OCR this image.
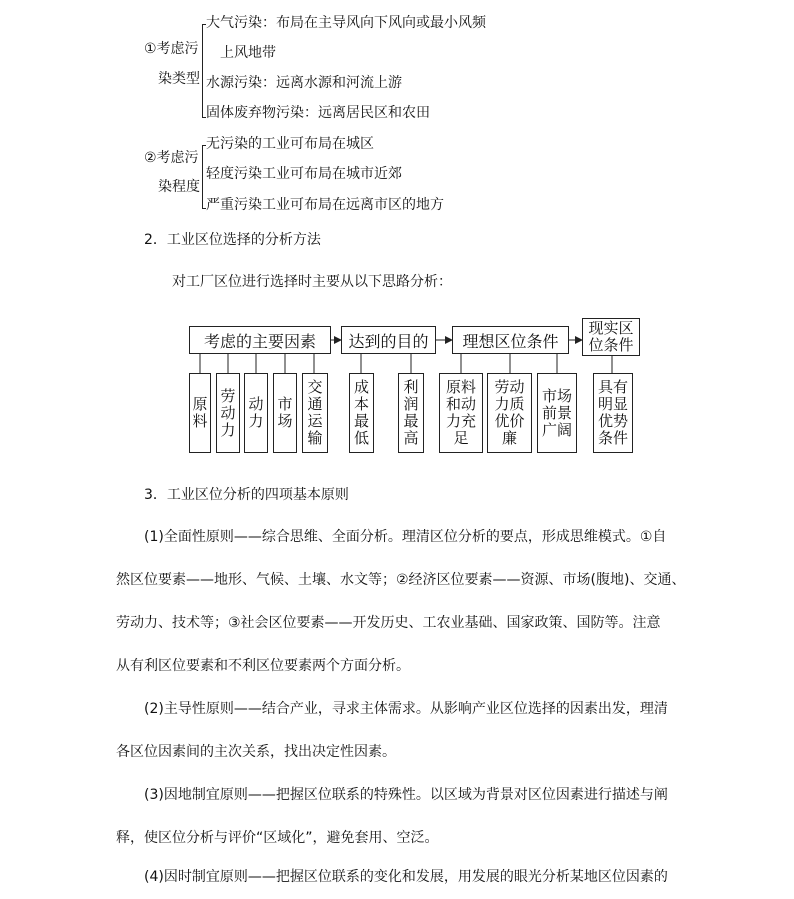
①考虑污
染类型
大气污染：布局在主导风向下风向或最小风频
上风地带
水源污染：远离水源和河流上游
固体废弃物污染：远离居民区和农田
②考虑污
染程度
无污染的工业可布局在城区
轻度污染工业可布局在城市近郊
严重污染工业可布局在远离市区的地方
2．工业区位选择的分析方法
对工厂区位进行选择时主要从以下思路分析：
考虑的主要因素	达到的目的	理想区位条件
现实区位条件
原料
劳动力
动力
市场
交通运输
成本最低
利润最高
原料和动力充足
劳动力质优价廉
市场前景广阔
具有明显优势条件
3．工业区位分析的四项基本原则
(1)全面性原则——综合思维、全面分析。理清区位分析的要点，形成思维模式。①自
然区位要素——地形、气候、土壤、水文等；②经济区位要素——资源、市场(腹地)、交通、
劳动力、技术等；③社会区位要素——开发历史、工农业基础、国家政策、国防等。注意
从有利区位要素和不利区位要素两个方面分析。
(2)主导性原则——结合产业，寻求主体需求。从影响产业区位选择的因素出发，理清
各区位因素间的主次关系，找出决定性因素。
(3)因地制宜原则——把握区位联系的特殊性。以区域为背景对区位因素进行描述与阐
释，使区位分析与评价“区域化”，避免套用、空泛。
(4)因时制宜原则——把握区位联系的变化和发展，用发展的眼光分析某地区位因素的
